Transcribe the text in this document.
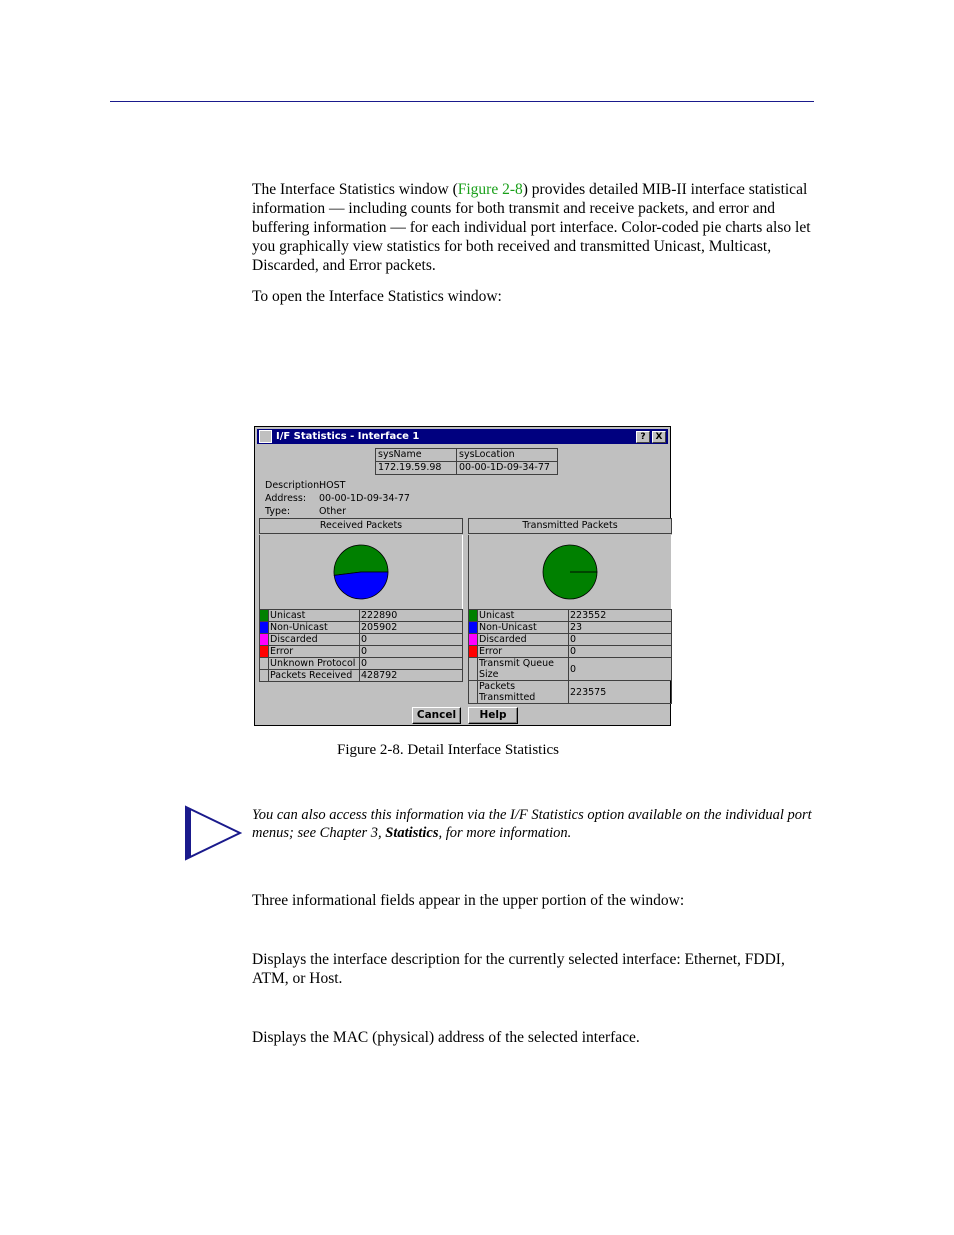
The Interface Statistics window (Figure 2-8) provides detailed MIB-II interface statistical information — including counts for both transmit and receive packets, and error and buffering information — for each individual port interface. Color-coded pie charts also let you graphically view statistics for both received and transmitted Unicast, Multicast, Discarded, and Error packets.

To open the Interface Statistics window:

I/F Statistics - Interface 1	?	X
sysName	sysLocation
172.19.59.98	00-00-1D-09-34-77
Description:
HOST
Address: 00-00-1D-09-34-77
Type:	Other
Received Packets
	Unicast	222890
	Non-Unicast	205902
	Discarded	0
	Error	0
	Unknown Protocol	0
	Packets Received	428792
Transmitted Packets
	Unicast	223552
	Non-Unicast	23
	Discarded	0
	Error	0
	Transmit Queue Size	0
	Packets Transmitted	223575
Cancel	Help
Figure 2-8. Detail Interface Statistics
You can also access this information via the I/F Statistics option available on the individual port menus; see Chapter 3, Statistics, for more information.

Three informational fields appear in the upper portion of the window:

Displays the interface description for the currently selected interface: Ethernet, FDDI, ATM, or Host.

Displays the MAC (physical) address of the selected interface.
